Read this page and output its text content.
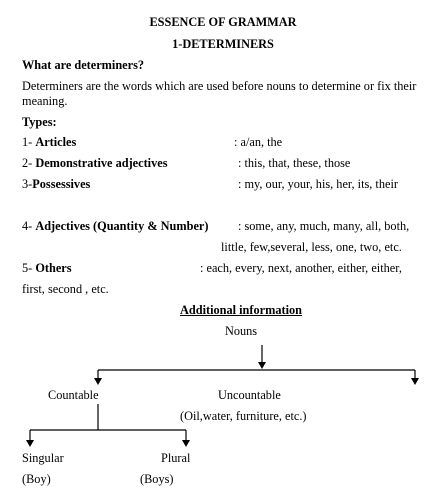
ESSENCE OF GRAMMAR
1-DETERMINERS
What are determiners?
Determiners are the words which are used before nouns to determine or fix their
meaning.
Types:
1- Articles	: a/an, the
2- Demonstrative adjectives	: this, that, these, those
3-Possessives	: my, our, your, his, her, its, their
4- Adjectives (Quantity & Number) : some, any, much, many, all, both,
little, few,several, less, one, two, etc.
5- Others	: each, every, next, another, either, either,
first, second , etc.
Additional information
Nouns
Countable	Uncountable
(Oil,water, furniture, etc.)
Singular	Plural
(Boy)	(Boys)
